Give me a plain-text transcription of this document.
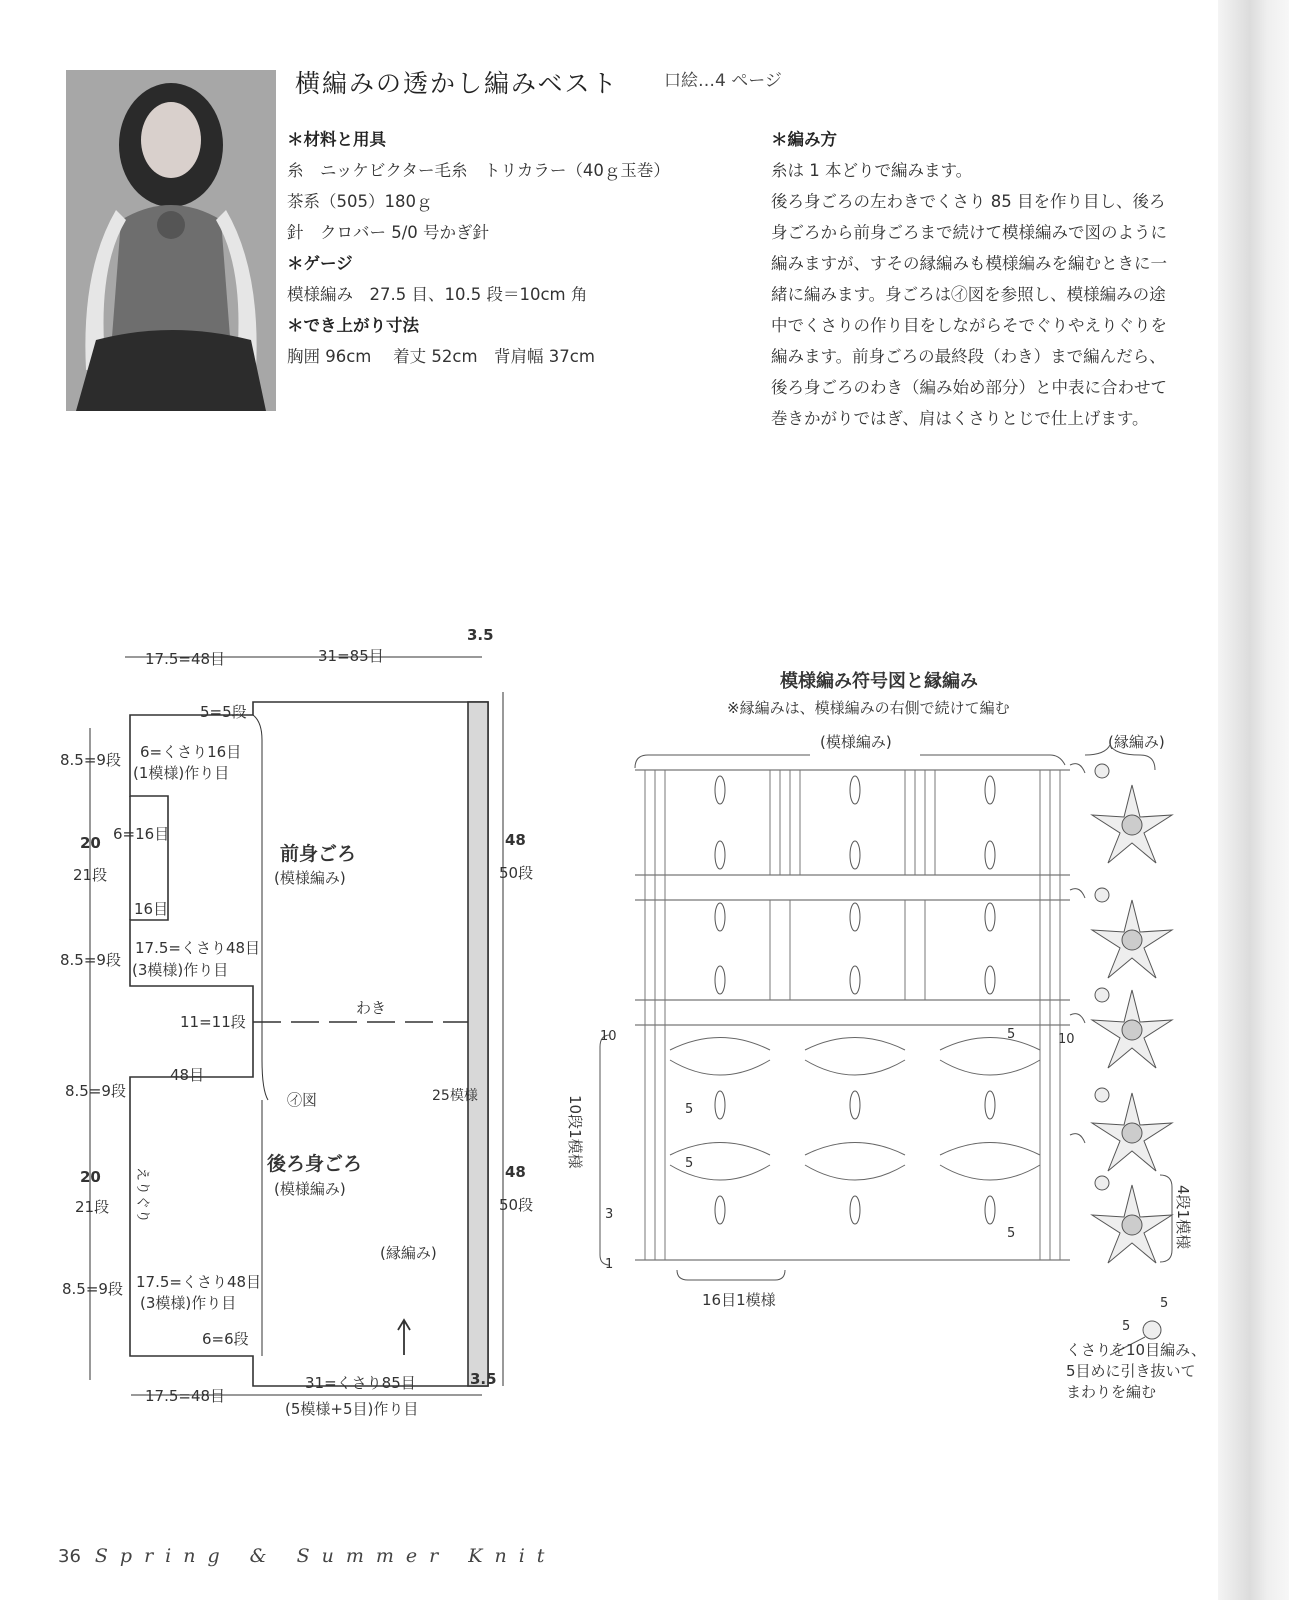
横編みの透かし編みベスト	口絵…4 ページ
＊材料と用具
糸　ニッケビクター毛糸　トリカラー（40ｇ玉巻）
茶系（505）180ｇ
針　クロバー 5/0 号かぎ針
＊ゲージ
模様編み　27.5 目、10.5 段＝10cm 角
＊でき上がり寸法
胸囲 96cm　 着丈 52cm　背肩幅 37cm
＊編み方
糸は 1 本どりで編みます。
後ろ身ごろの左わきでくさり 85 目を作り目し、後ろ
身ごろから前身ごろまで続けて模様編みで図のように
編みますが、すその縁編みも模様編みを編むときに一
緒に編みます。身ごろは㋑図を参照し、模様編みの途
中でくさりの作り目をしながらそでぐりやえりぐりを
編みます。前身ごろの最終段（わき）まで編んだら、
後ろ身ごろのわき（編み始め部分）と中表に合わせて
巻きかがりではぎ、肩はくさりとじで仕上げます。
17.5=48目	31=85目
3.5
5=5段
6=くさり16目
(1模様)作り目
8.5=9段
6=16目
20
21段
16目
17.5=くさり48目
(3模様)作り目
8.5=9段
11=11段
わき
48目
8.5=9段	㋑図
えりぐり
20
21段
8.5=9段 17.5=くさり48目
(3模様)作り目
6=6段
前身ごろ
(模様編み)
後ろ身ごろ
(模様編み)
48
50段
48
50段
25模様
(縁編み)
17.5=48目
31=くさり85目	3.5
(5模様+5目)作り目
模様編み符号図と縁編み
※縁編みは、模様編みの右側で続けて編む
(模様編み)	(縁編み)
10
3
1
10
5
5
5
5
5
5
16目1模様
10段1模様
4段1模様
くさりを10目編み、
5目めに引き抜いて
まわりを編む
36 Spring & Summer Knit
